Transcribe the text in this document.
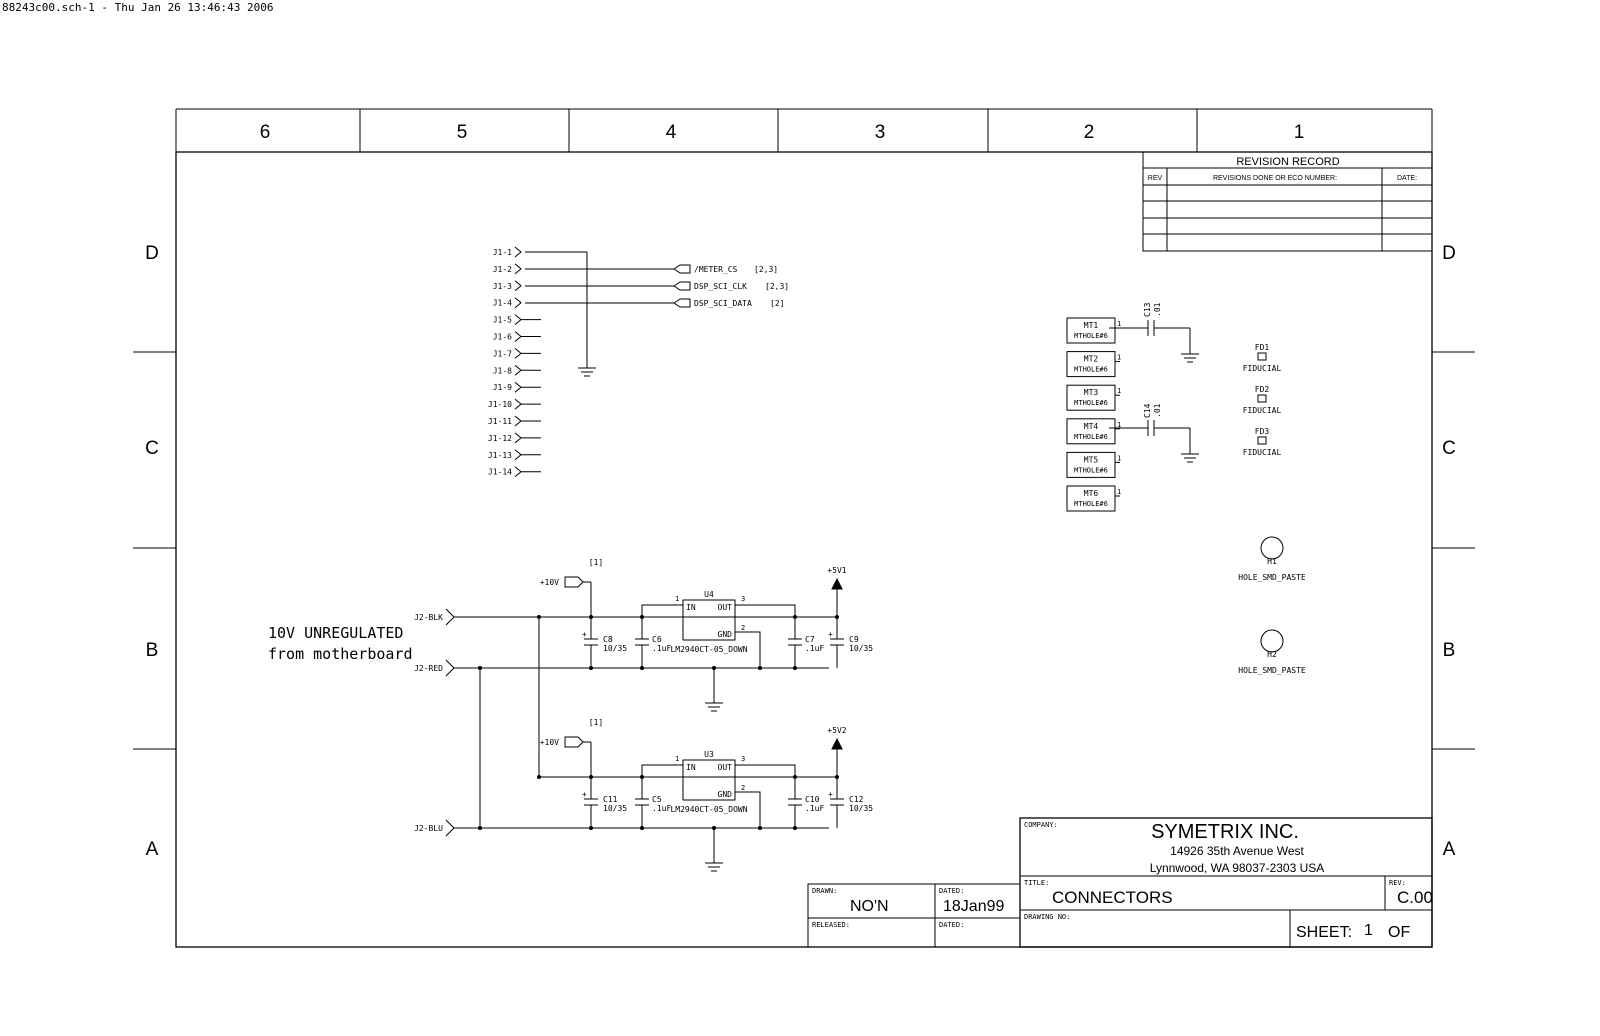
88243c00.sch-1 - Thu Jan 26 13:46:43 2006
6	5	4	3	2	1
D
C
B
A
D
C
B
A
REVISION RECORD
REV	REVISIONS DONE OR ECO NUMBER:	DATE:
J1-1
J1-2
J1-3
J1-4
J1-5
J1-6
J1-7
J1-8
J1-9
J1-10
J1-11
J1-12
J1-13
J1-14
/METER_CS [2,3]
DSP_SCI_CLK [2,3]
DSP_SCI_DATA [2]
MT1
MTHOLE#6
1
MT2
MTHOLE#6
1
MT3
MTHOLE#6
1
MT4
MTHOLE#6
1
MT5
MTHOLE#6
1
MT6
MTHOLE#6
1
C13 .01
C14 .01
FD1
FIDUCIAL
FD2
FIDUCIAL
FD3
FIDUCIAL
H1
HOLE_SMD_PASTE
H2
HOLE_SMD_PASTE
10V UNREGULATED
from motherboard
J2-BLK
J2-RED
J2-BLU
+10V
[1]
U4
IN	OUT
GND
LM2940CT-05_DOWN
1	3
2
+5V1
+
C8
10/35
C6
.1uF
C7
.1uF
+
C9
10/35
+10V
[1]
U3
IN	OUT
GND
LM2940CT-05_DOWN
1	3
2
+5V2
+
C11
10/35
C5
.1uF
C10
.1uF
+
C12
10/35
COMPANY:	SYMETRIX INC.
14926 35th Avenue West
Lynnwood, WA 98037-2303 USA
TITLE:
CONNECTORS
REV:
C.00
DRAWING NO:
SHEET: 1 OF
DRAWN:
NO'N
DATED:
18Jan99
RELEASED:	DATED:
